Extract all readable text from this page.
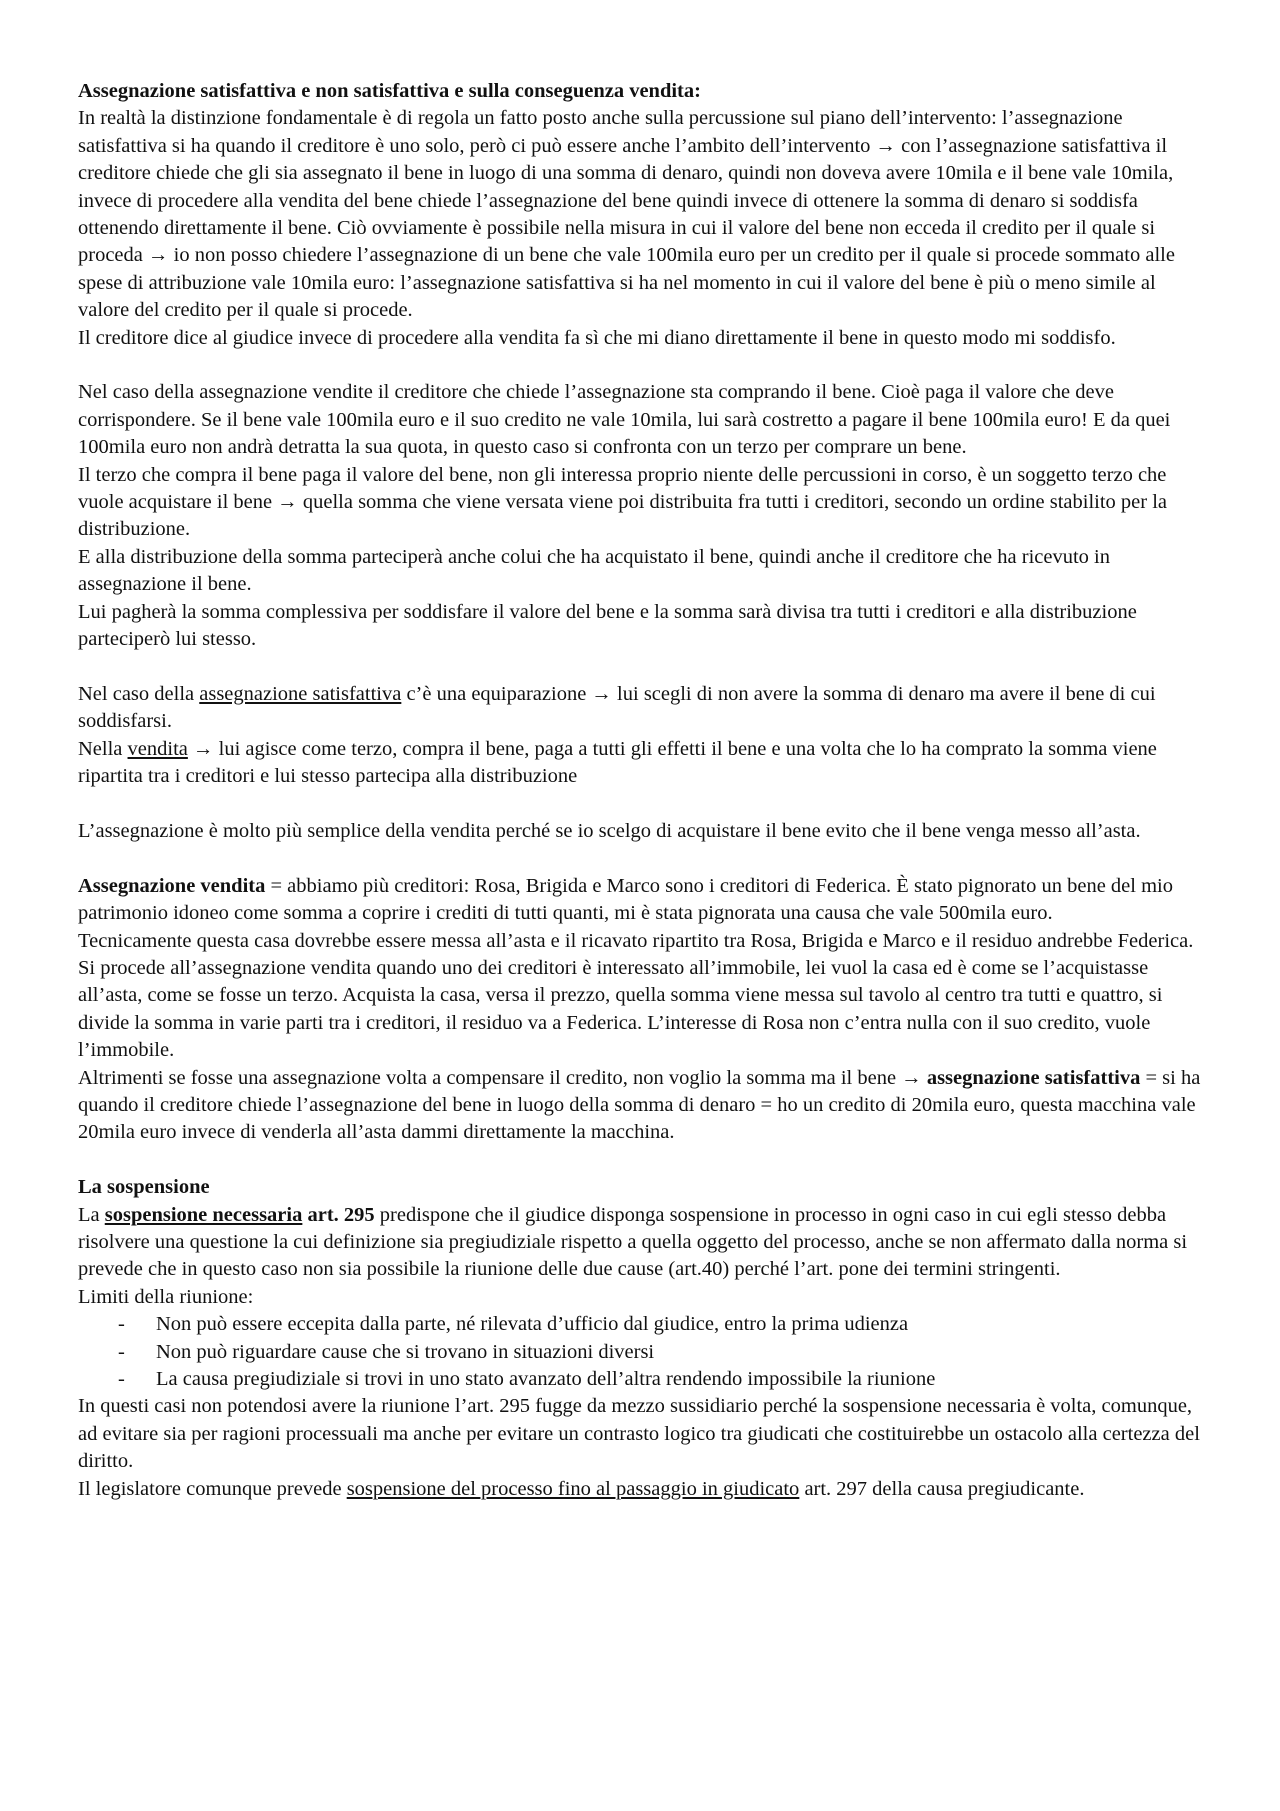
Assegnazione satisfattiva e non satisfattiva e sulla conseguenza vendita:

In realtà la distinzione fondamentale è di regola un fatto posto anche sulla percussione sul piano dell’intervento: l’assegnazione satisfattiva si ha quando il creditore è uno solo, però ci può essere anche l’ambito dell’intervento → con l’assegnazione satisfattiva il creditore chiede che gli sia assegnato il bene in luogo di una somma di denaro, quindi non doveva avere 10mila e il bene vale 10mila, invece di procedere alla vendita del bene chiede l’assegnazione del bene quindi invece di ottenere la somma di denaro si soddisfa ottenendo direttamente il bene. Ciò ovviamente è possibile nella misura in cui il valore del bene non ecceda il credito per il quale si proceda → io non posso chiedere l’assegnazione di un bene che vale 100mila euro per un credito per il quale si procede sommato alle spese di attribuzione vale 10mila euro: l’assegnazione satisfattiva si ha nel momento in cui il valore del bene è più o meno simile al valore del credito per il quale si procede.

Il creditore dice al giudice invece di procedere alla vendita fa sì che mi diano direttamente il bene in questo modo mi soddisfo.

Nel caso della assegnazione vendite il creditore che chiede l’assegnazione sta comprando il bene. Cioè paga il valore che deve corrispondere. Se il bene vale 100mila euro e il suo credito ne vale 10mila, lui sarà costretto a pagare il bene 100mila euro! E da quei 100mila euro non andrà detratta la sua quota, in questo caso si confronta con un terzo per comprare un bene.

Il terzo che compra il bene paga il valore del bene, non gli interessa proprio niente delle percussioni in corso, è un soggetto terzo che vuole acquistare il bene → quella somma che viene versata viene poi distribuita fra tutti i creditori, secondo un ordine stabilito per la distribuzione.

E alla distribuzione della somma parteciperà anche colui che ha acquistato il bene, quindi anche il creditore che ha ricevuto in assegnazione il bene.

Lui pagherà la somma complessiva per soddisfare il valore del bene e la somma sarà divisa tra tutti i creditori e alla distribuzione parteciperò lui stesso.

Nel caso della assegnazione satisfattiva c’è una equiparazione → lui scegli di non avere la somma di denaro ma avere il bene di cui soddisfarsi.

Nella vendita → lui agisce come terzo, compra il bene, paga a tutti gli effetti il bene e una volta che lo ha comprato la somma viene ripartita tra i creditori e lui stesso partecipa alla distribuzione

L’assegnazione è molto più semplice della vendita perché se io scelgo di acquistare il bene evito che il bene venga messo all’asta.

Assegnazione vendita = abbiamo più creditori: Rosa, Brigida e Marco sono i creditori di Federica. È stato pignorato un bene del mio patrimonio idoneo come somma a coprire i crediti di tutti quanti, mi è stata pignorata una causa che vale 500mila euro.

Tecnicamente questa casa dovrebbe essere messa all’asta e il ricavato ripartito tra Rosa, Brigida e Marco e il residuo andrebbe Federica. Si procede all’assegnazione vendita quando uno dei creditori è interessato all’immobile, lei vuol la casa ed è come se l’acquistasse all’asta, come se fosse un terzo. Acquista la casa, versa il prezzo, quella somma viene messa sul tavolo al centro tra tutti e quattro, si divide la somma in varie parti tra i creditori, il residuo va a Federica. L’interesse di Rosa non c’entra nulla con il suo credito, vuole l’immobile.

Altrimenti se fosse una assegnazione volta a compensare il credito, non voglio la somma ma il bene → assegnazione satisfattiva = si ha quando il creditore chiede l’assegnazione del bene in luogo della somma di denaro = ho un credito di 20mila euro, questa macchina vale 20mila euro invece di venderla all’asta dammi direttamente la macchina.

La sospensione

La sospensione necessaria art. 295 predispone che il giudice disponga sospensione in processo in ogni caso in cui egli stesso debba risolvere una questione la cui definizione sia pregiudiziale rispetto a quella oggetto del processo, anche se non affermato dalla norma si prevede che in questo caso non sia possibile la riunione delle due cause (art.40) perché l’art. pone dei termini stringenti.

Limiti della riunione:

- Non può essere eccepita dalla parte, né rilevata d’ufficio dal giudice, entro la prima udienza
- Non può riguardare cause che si trovano in situazioni diversi
- La causa pregiudiziale si trovi in uno stato avanzato dell’altra rendendo impossibile la riunione

In questi casi non potendosi avere la riunione l’art. 295 fugge da mezzo sussidiario perché la sospensione necessaria è volta, comunque, ad evitare sia per ragioni processuali ma anche per evitare un contrasto logico tra giudicati che costituirebbe un ostacolo alla certezza del diritto.

Il legislatore comunque prevede sospensione del processo fino al passaggio in giudicato art. 297 della causa pregiudicante.
